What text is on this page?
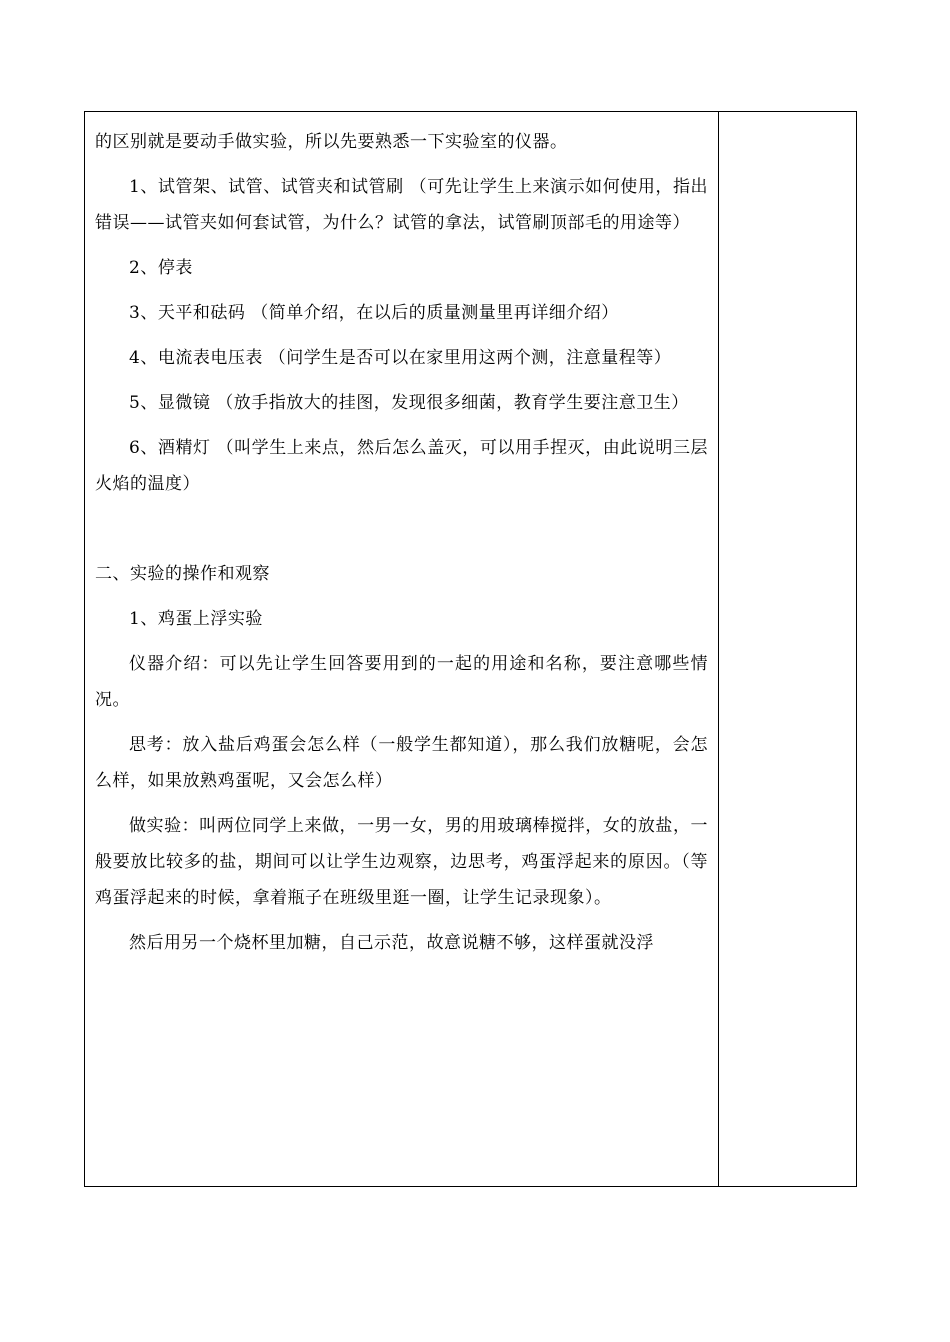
的区别就是要动手做实验，所以先要熟悉一下实验室的仪器。

1、试管架、试管、试管夹和试管刷 （可先让学生上来演示如何使用，指出错误——试管夹如何套试管，为什么？试管的拿法，试管刷顶部毛的用途等）

2、停表

3、天平和砝码 （简单介绍，在以后的质量测量里再详细介绍）

4、电流表电压表 （问学生是否可以在家里用这两个测，注意量程等）

5、显微镜 （放手指放大的挂图，发现很多细菌，教育学生要注意卫生）

6、酒精灯 （叫学生上来点，然后怎么盖灭，可以用手捏灭，由此说明三层火焰的温度）

二、实验的操作和观察

1、鸡蛋上浮实验

仪器介绍：可以先让学生回答要用到的一起的用途和名称，要注意哪些情况。

思考：放入盐后鸡蛋会怎么样（一般学生都知道），那么我们放糖呢，会怎么样，如果放熟鸡蛋呢，又会怎么样）

做实验：叫两位同学上来做，一男一女，男的用玻璃棒搅拌，女的放盐，一般要放比较多的盐，期间可以让学生边观察，边思考，鸡蛋浮起来的原因。（等鸡蛋浮起来的时候，拿着瓶子在班级里逛一圈，让学生记录现象）。

然后用另一个烧杯里加糖，自己示范，故意说糖不够，这样蛋就没浮
